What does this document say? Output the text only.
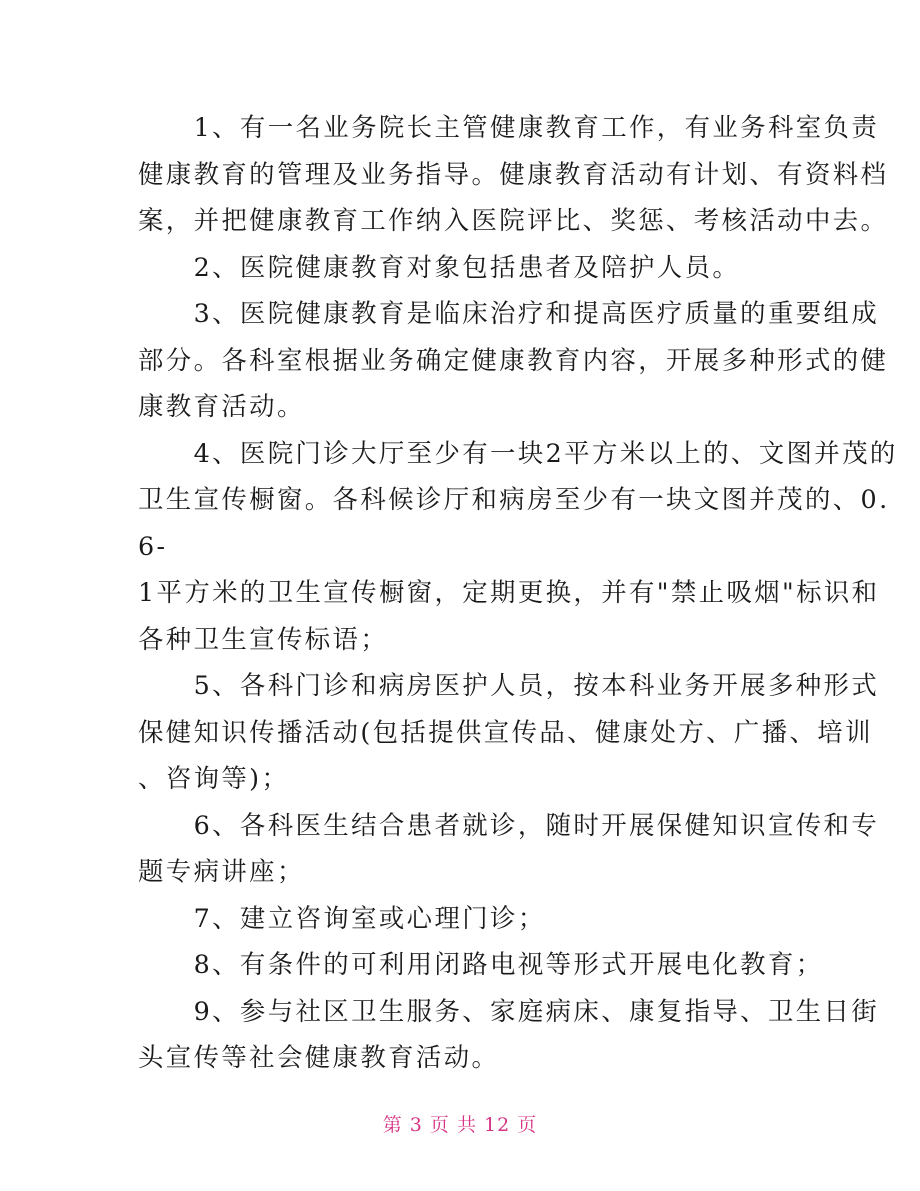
　　1、有一名业务院长主管健康教育工作，有业务科室负责
健康教育的管理及业务指导。健康教育活动有计划、有资料档
案，并把健康教育工作纳入医院评比、奖惩、考核活动中去。
　　2、医院健康教育对象包括患者及陪护人员。
　　3、医院健康教育是临床治疗和提高医疗质量的重要组成
部分。各科室根据业务确定健康教育内容，开展多种形式的健
康教育活动。
　　4、医院门诊大厅至少有一块2平方米以上的、文图并茂的
卫生宣传橱窗。各科候诊厅和病房至少有一块文图并茂的、0.
6-
1平方米的卫生宣传橱窗，定期更换，并有"禁止吸烟"标识和
各种卫生宣传标语；
　　5、各科门诊和病房医护人员，按本科业务开展多种形式
保健知识传播活动(包括提供宣传品、健康处方、广播、培训
、咨询等)；
　　6、各科医生结合患者就诊，随时开展保健知识宣传和专
题专病讲座；
　　7、建立咨询室或心理门诊；
　　8、有条件的可利用闭路电视等形式开展电化教育；
　　9、参与社区卫生服务、家庭病床、康复指导、卫生日街
头宣传等社会健康教育活动。
第 3 页 共 12 页
